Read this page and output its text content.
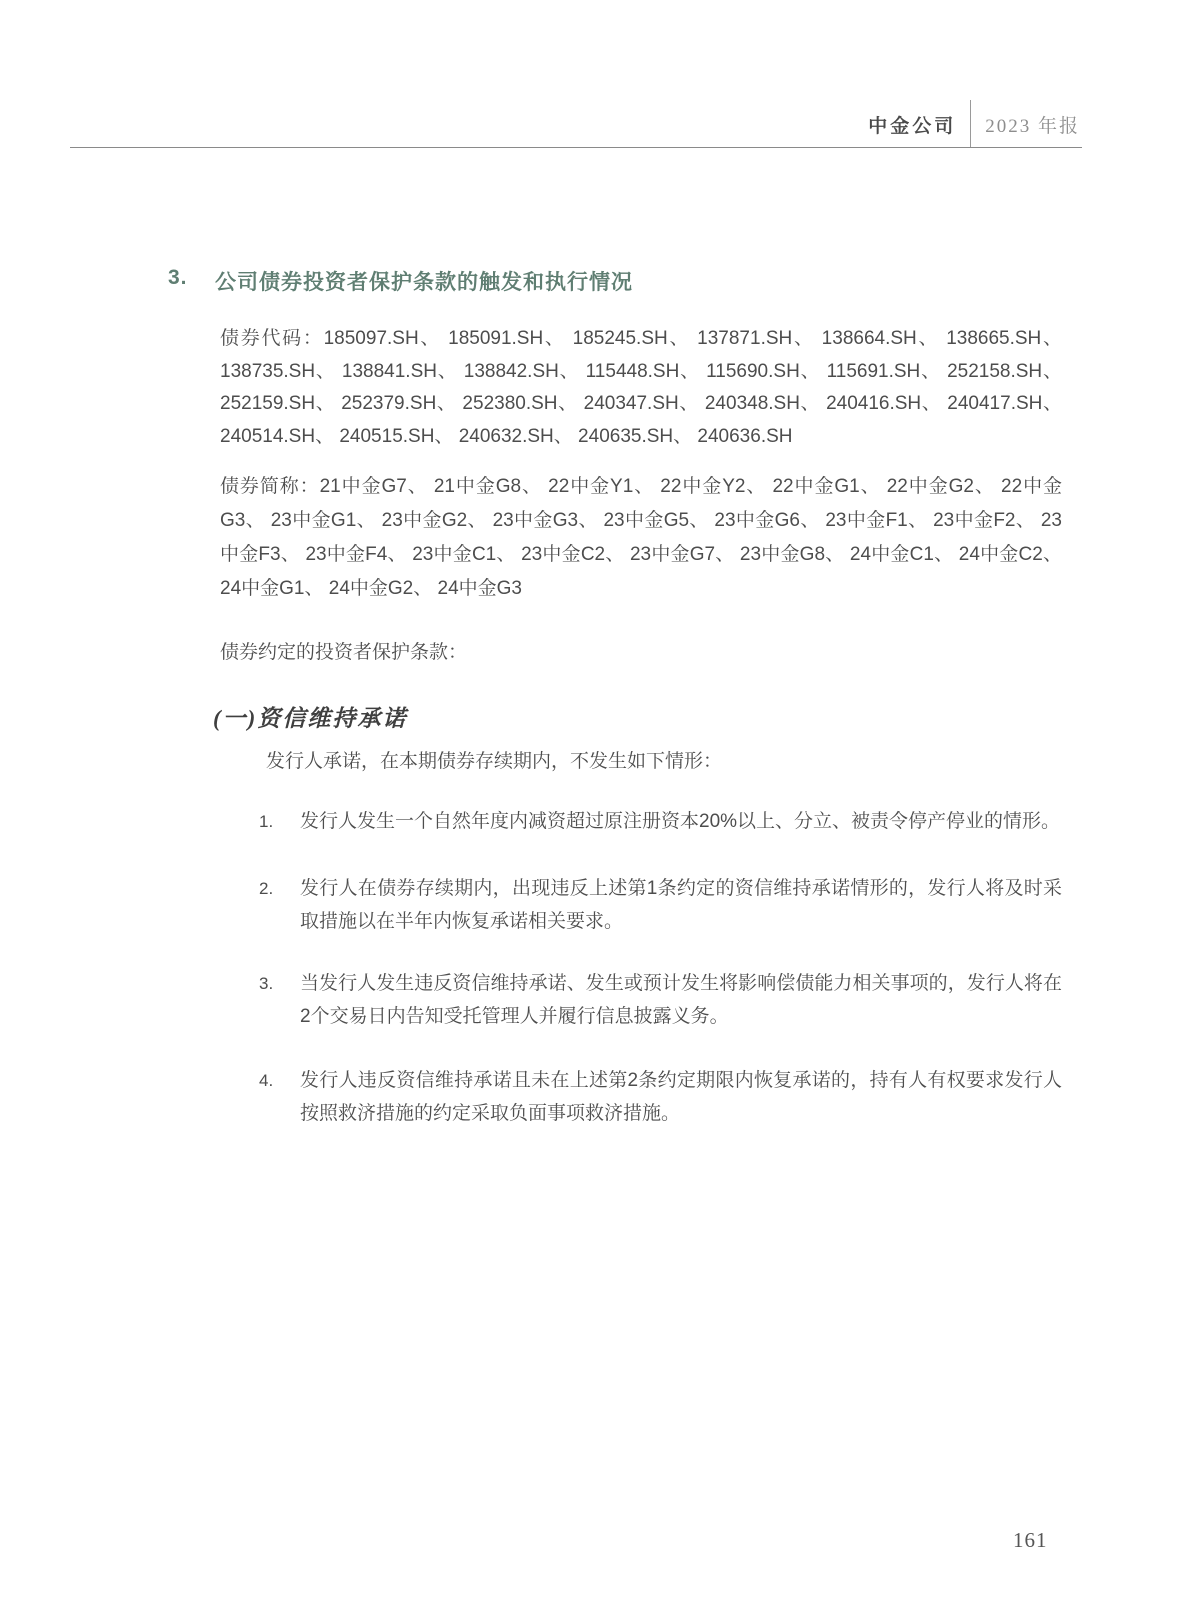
中金公司	2023 年报
3.	公司债券投资者保护条款的触发和执行情况

债券代码：185097.SH、 185091.SH、 185245.SH、 137871.SH、 138664.SH、 138665.SH、 138735.SH、 138841.SH、 138842.SH、 115448.SH、 115690.SH、 115691.SH、 252158.SH、 252159.SH、 252379.SH、 252380.SH、 240347.SH、 240348.SH、 240416.SH、 240417.SH、 240514.SH、 240515.SH、 240632.SH、 240635.SH、 240636.SH

债券简称：21中金G7、 21中金G8、 22中金Y1、 22中金Y2、 22中金G1、 22中金G2、 22中金G3、 23中金G1、 23中金G2、 23中金G3、 23中金G5、 23中金G6、 23中金F1、 23中金F2、 23中金F3、 23中金F4、 23中金C1、 23中金C2、 23中金G7、 23中金G8、 24中金C1、 24中金C2、 24中金G1、 24中金G2、 24中金G3

债券约定的投资者保护条款：

(一)资信维持承诺

发行人承诺，在本期债券存续期内，不发生如下情形：

1.	发行人发生一个自然年度内减资超过原注册资本20%以上、分立、被责令停产停业的情形。
2.	发行人在债券存续期内，出现违反上述第1条约定的资信维持承诺情形的，发行人将及时采取措施以在半年内恢复承诺相关要求。
3.	当发行人发生违反资信维持承诺、发生或预计发生将影响偿债能力相关事项的，发行人将在2个交易日内告知受托管理人并履行信息披露义务。
4.	发行人违反资信维持承诺且未在上述第2条约定期限内恢复承诺的，持有人有权要求发行人按照救济措施的约定采取负面事项救济措施。
161
